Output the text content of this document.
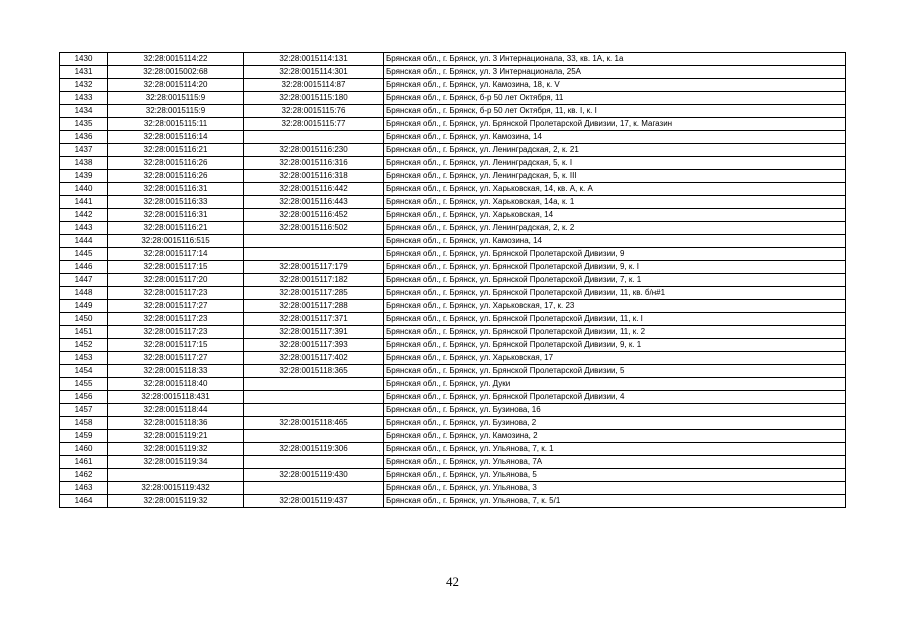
1430	32:28:0015114:22	32:28:0015114:131	Брянская обл., г. Брянск, ул. 3 Интернационала, 33, кв. 1А, к. 1а
1431	32:28:0015002:68	32:28:0015114:301	Брянская обл., г. Брянск, ул. 3 Интернационала, 25А
1432	32:28:0015114:20	32:28:0015114:87	Брянская обл., г. Брянск, ул. Камозина, 18, к. V
1433	32:28:0015115:9	32:28:0015115:180	Брянская обл., г. Брянск, б-р 50 лет Октября, 11
1434	32:28:0015115:9	32:28:0015115:76	Брянская обл., г. Брянск, б-р 50 лет Октября, 11, кв. I, к. I
1435	32:28:0015115:11	32:28:0015115:77	Брянская обл., г. Брянск, ул. Брянской Пролетарской Дивизии, 17, к. Магазин
1436	32:28:0015116:14		Брянская обл., г. Брянск, ул. Камозина, 14
1437	32:28:0015116:21	32:28:0015116:230	Брянская обл., г. Брянск, ул. Ленинградская, 2, к. 21
1438	32:28:0015116:26	32:28:0015116:316	Брянская обл., г. Брянск, ул. Ленинградская, 5, к. I
1439	32:28:0015116:26	32:28:0015116:318	Брянская обл., г. Брянск, ул. Ленинградская, 5, к. III
1440	32:28:0015116:31	32:28:0015116:442	Брянская обл., г. Брянск, ул. Харьковская, 14, кв. А, к. А
1441	32:28:0015116:33	32:28:0015116:443	Брянская обл., г. Брянск, ул. Харьковская, 14а, к. 1
1442	32:28:0015116:31	32:28:0015116:452	Брянская обл., г. Брянск, ул. Харьковская, 14
1443	32:28:0015116:21	32:28:0015116:502	Брянская обл., г. Брянск, ул. Ленинградская, 2, к. 2
1444	32:28:0015116:515		Брянская обл., г. Брянск, ул. Камозина, 14
1445	32:28:0015117:14		Брянская обл., г. Брянск, ул. Брянской Пролетарской Дивизии, 9
1446	32:28:0015117:15	32:28:0015117:179	Брянская обл., г. Брянск, ул. Брянской Пролетарской Дивизии, 9, к. I
1447	32:28:0015117:20	32:28:0015117:182	Брянская обл., г. Брянск, ул. Брянской Пролетарской Дивизии, 7, к. 1
1448	32:28:0015117:23	32:28:0015117:285	Брянская обл., г. Брянск, ул. Брянской Пролетарской Дивизии, 11, кв. б/н#1
1449	32:28:0015117:27	32:28:0015117:288	Брянская обл., г. Брянск, ул. Харьковская, 17, к. 23
1450	32:28:0015117:23	32:28:0015117:371	Брянская обл., г. Брянск, ул. Брянской Пролетарской Дивизии, 11, к. I
1451	32:28:0015117:23	32:28:0015117:391	Брянская обл., г. Брянск, ул. Брянской Пролетарской Дивизии, 11, к. 2
1452	32:28:0015117:15	32:28:0015117:393	Брянская обл., г. Брянск, ул. Брянской Пролетарской Дивизии, 9, к. 1
1453	32:28:0015117:27	32:28:0015117:402	Брянская обл., г. Брянск, ул. Харьковская, 17
1454	32:28:0015118:33	32:28:0015118:365	Брянская обл., г. Брянск, ул. Брянской Пролетарской Дивизии, 5
1455	32:28:0015118:40		Брянская обл., г. Брянск, ул. Дуки
1456	32:28:0015118:431		Брянская обл., г. Брянск, ул. Брянской Пролетарской Дивизии, 4
1457	32:28:0015118:44		Брянская обл., г. Брянск, ул. Бузинова, 16
1458	32:28:0015118:36	32:28:0015118:465	Брянская обл., г. Брянск, ул. Бузинова, 2
1459	32:28:0015119:21		Брянская обл., г. Брянск, ул. Камозина, 2
1460	32:28:0015119:32	32:28:0015119:306	Брянская обл., г. Брянск, ул. Ульянова, 7, к. 1
1461	32:28:0015119:34		Брянская обл., г. Брянск, ул. Ульянова, 7А
1462		32:28:0015119:430	Брянская обл., г. Брянск, ул. Ульянова, 5
1463	32:28:0015119:432		Брянская обл., г. Брянск, ул. Ульянова, 3
1464	32:28:0015119:32	32:28:0015119:437	Брянская обл., г. Брянск, ул. Ульянова, 7, к. 5/1
42
